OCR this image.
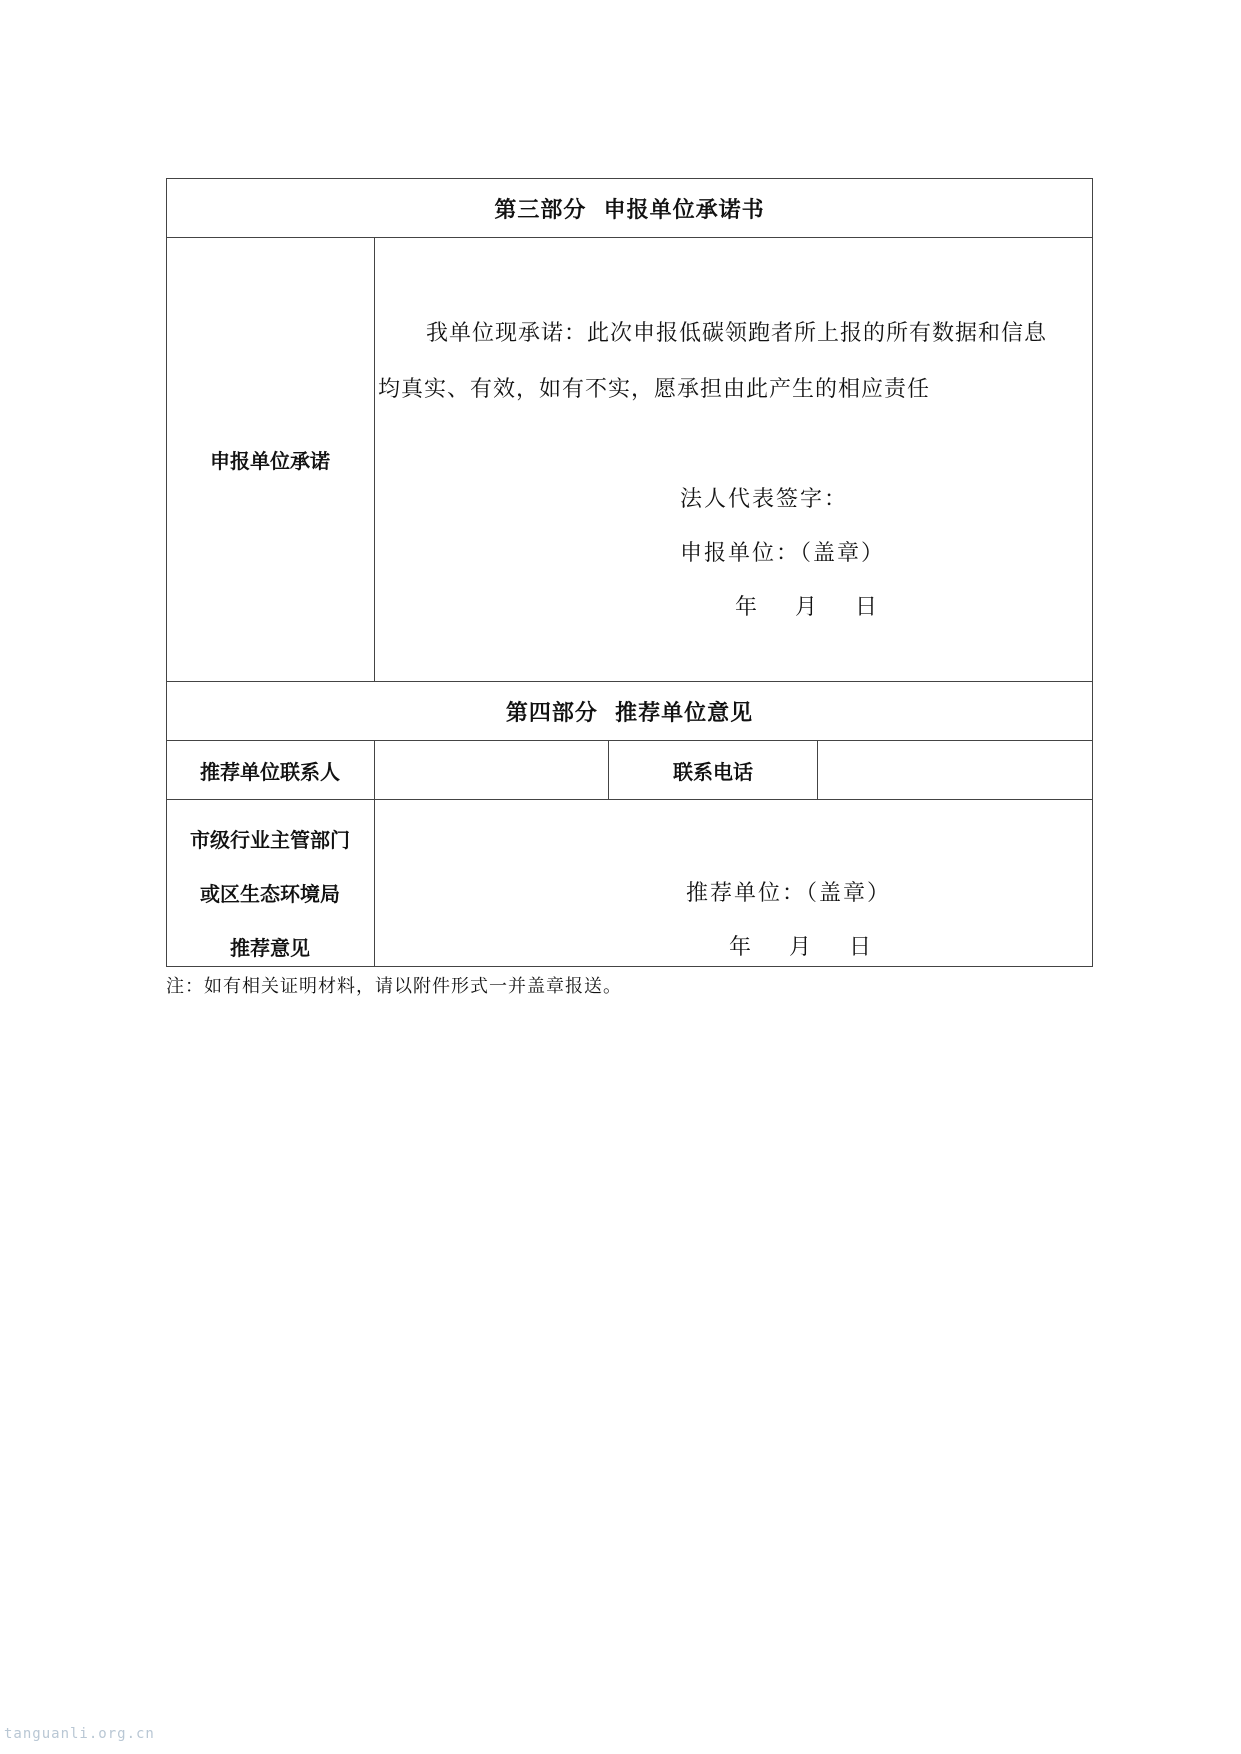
第三部分  申报单位承诺书
申报单位承诺
我单位现承诺：此次申报低碳领跑者所上报的所有数据和信息
均真实、有效，如有不实，愿承担由此产生的相应责任
法人代表签字：
申报单位：（盖章）
年    月    日
第四部分  推荐单位意见
推荐单位联系人	联系电话
市级行业主管部门
或区生态环境局
推荐意见
推荐单位：（盖章）
年    月    日
注：如有相关证明材料，请以附件形式一并盖章报送。
tanguanli.org.cn
